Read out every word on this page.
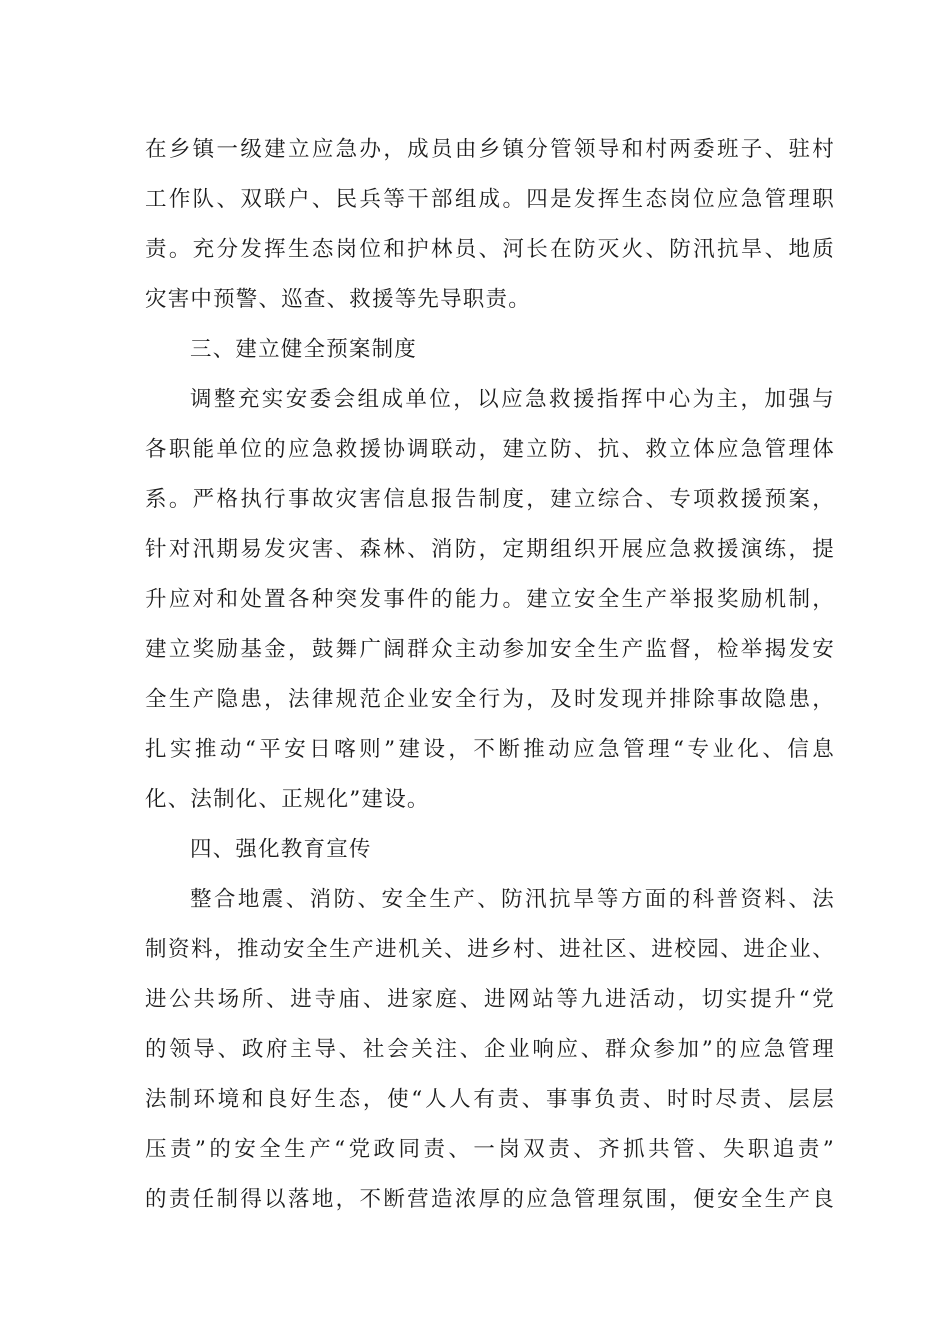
在乡镇一级建立应急办，成员由乡镇分管领导和村两委班子、驻村
工作队、双联户、民兵等干部组成。四是发挥生态岗位应急管理职
责。充分发挥生态岗位和护林员、河长在防灭火、防汛抗旱、地质
灾害中预警、巡查、救援等先导职责。
三、建立健全预案制度
调整充实安委会组成单位，以应急救援指挥中心为主，加强与
各职能单位的应急救援协调联动，建立防、抗、救立体应急管理体
系。严格执行事故灾害信息报告制度，建立综合、专项救援预案，
针对汛期易发灾害、森林、消防，定期组织开展应急救援演练，提
升应对和处置各种突发事件的能力。建立安全生产举报奖励机制，
建立奖励基金，鼓舞广阔群众主动参加安全生产监督，检举揭发安
全生产隐患，法律规范企业安全行为，及时发现并排除事故隐患，
扎实推动“平安日喀则”建设，不断推动应急管理“专业化、信息
化、法制化、正规化”建设。
四、强化教育宣传
整合地震、消防、安全生产、防汛抗旱等方面的科普资料、法
制资料，推动安全生产进机关、进乡村、进社区、进校园、进企业、
进公共场所、进寺庙、进家庭、进网站等九进活动，切实提升“党
的领导、政府主导、社会关注、企业响应、群众参加”的应急管理
法制环境和良好生态，使“人人有责、事事负责、时时尽责、层层
压责”的安全生产“党政同责、一岗双责、齐抓共管、失职追责”
的责任制得以落地，不断营造浓厚的应急管理氛围，便安全生产良
